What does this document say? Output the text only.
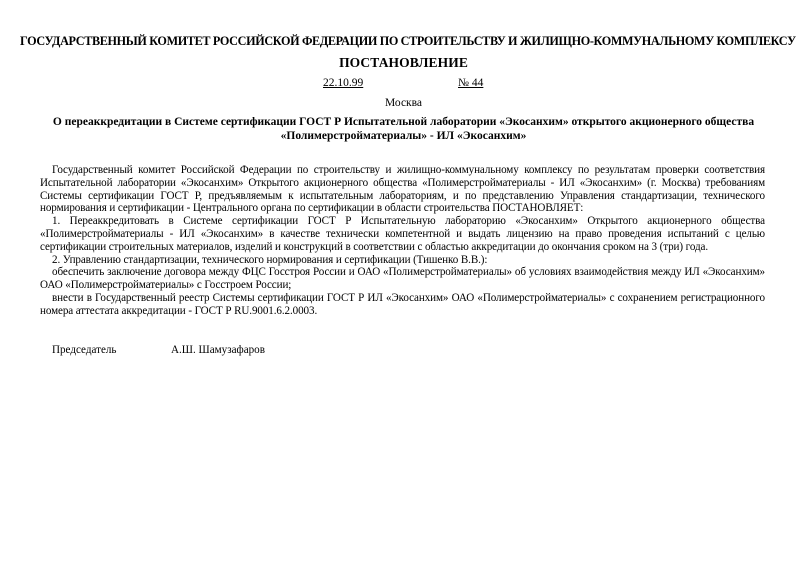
ГОСУДАРСТВЕННЫЙ КОМИТЕТ РОССИЙСКОЙ ФЕДЕРАЦИИ ПО СТРОИТЕЛЬСТВУ И ЖИЛИЩНО-КОММУНАЛЬНОМУ КОМПЛЕКСУ
ПОСТАНОВЛЕНИЕ
22.10.99	№ 44
Москва
О переаккредитации в Системе сертификации ГОСТ Р Испытательной лаборатории «Экосанхим» открытого акционерного общества «Полимерстройматериалы» - ИЛ «Экосанхим»

Государственный комитет Российской Федерации по строительству и жилищно-коммунальному комплексу по результатам проверки соответствия Испытательной лаборатории «Экосанхим» Открытого акционерного общества «Полимерстройматериалы - ИЛ «Экосанхим» (г. Москва) требованиям Системы сертификации ГОСТ Р, предъявляемым к испытательным лабораториям, и по представлению Управления стандартизации, технического нормирования и сертификации - Центрального органа по сертификации в области строительства ПОСТАНОВЛЯЕТ:

1. Переаккредитовать в Системе сертификации ГОСТ Р Испытательную лабораторию «Экосанхим» Открытого акционерного общества «Полимерстройматериалы - ИЛ «Экосанхим» в качестве технически компетентной и выдать лицензию на право проведения испытаний с целью сертификации строительных материалов, изделий и конструкций в соответствии с областью аккредитации до окончания сроком на 3 (три) года.

2. Управлению стандартизации, технического нормирования и сертификации (Тишенко В.В.):

обеспечить заключение договора между ФЦС Госстроя России и ОАО «Полимерстройматериалы» об условиях взаимодействия между ИЛ «Экосанхим» ОАО «Полимерстройматериалы» с Госстроем России;

внести в Государственный реестр Системы сертификации ГОСТ Р ИЛ «Экосанхим» ОАО «Полимерстройматериалы» с сохранением регистрационного номера аттестата аккредитации - ГОСТ Р RU.9001.6.2.0003.

Председатель	А.Ш. Шамузафаров
